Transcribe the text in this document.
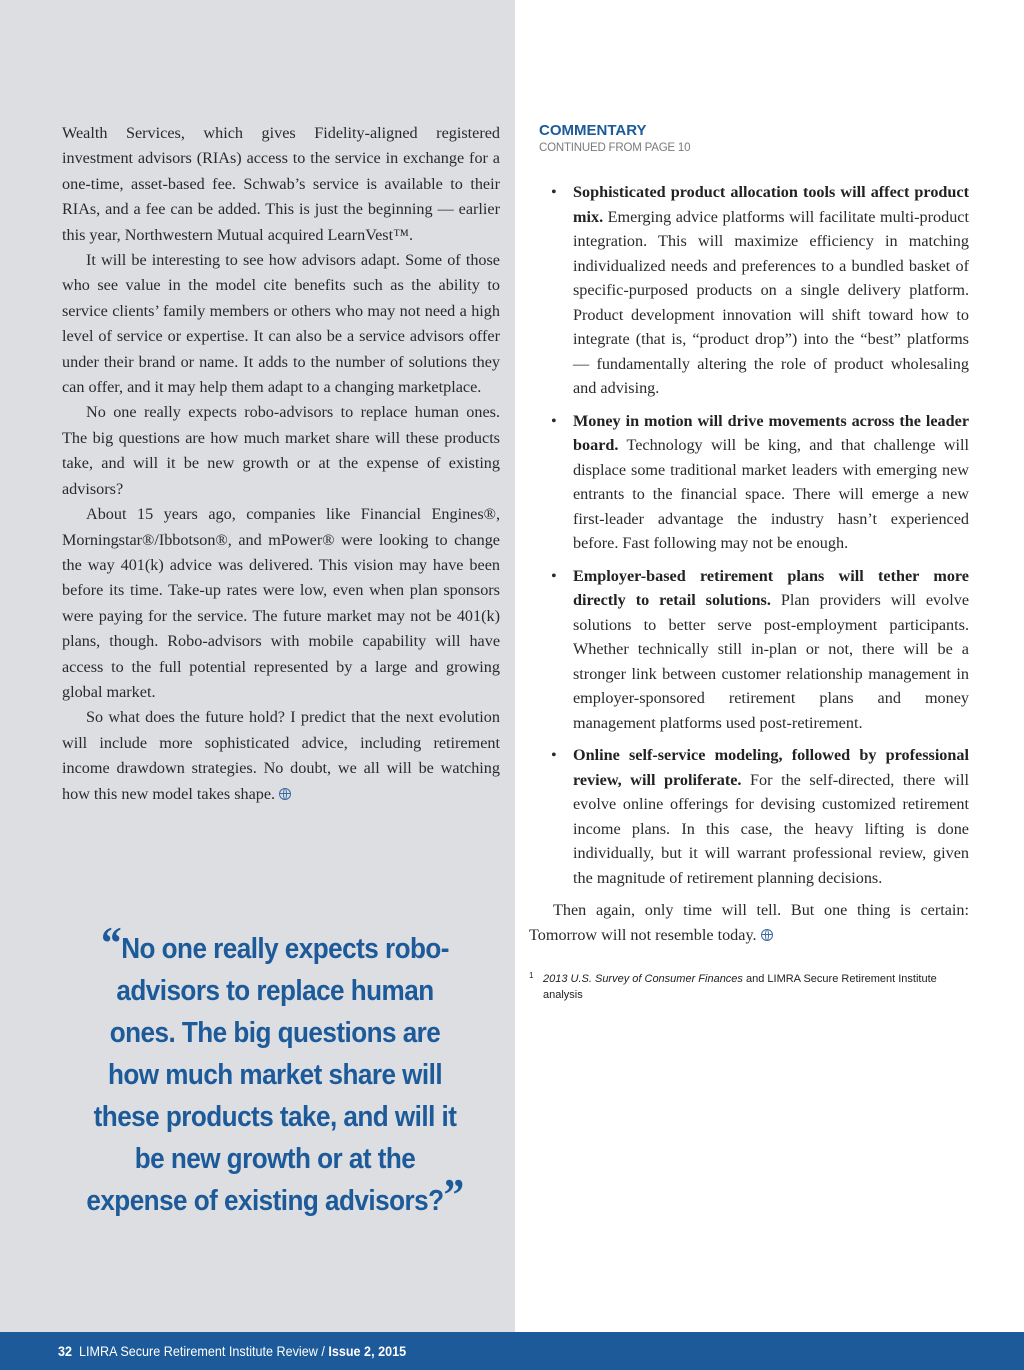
Wealth Services, which gives Fidelity-aligned registered investment advisors (RIAs) access to the service in exchange for a one-time, asset-based fee. Schwab’s service is available to their RIAs, and a fee can be added. This is just the beginning — earlier this year, Northwestern Mutual acquired LearnVest™.

It will be interesting to see how advisors adapt. Some of those who see value in the model cite benefits such as the ability to service clients’ family members or others who may not need a high level of service or expertise. It can also be a service advisors offer under their brand or name. It adds to the number of solutions they can offer, and it may help them adapt to a changing marketplace.

No one really expects robo-advisors to replace human ones. The big questions are how much market share will these products take, and will it be new growth or at the expense of existing advisors?

About 15 years ago, companies like Financial Engines®, Morningstar®/Ibbotson®, and mPower® were looking to change the way 401(k) advice was delivered. This vision may have been before its time. Take-up rates were low, even when plan sponsors were paying for the service. The future market may not be 401(k) plans, though. Robo-advisors with mobile capability will have access to the full potential represented by a large and growing global market.

So what does the future hold? I predict that the next evolution will include more sophisticated advice, including retirement income drawdown strategies. No doubt, we all will be watching how this new model takes shape.

“No one really expects robo-advisors to replace human ones. The big questions are how much market share will these products take, and will it be new growth or at the expense of existing advisors?”
COMMENTARY
CONTINUED FROM PAGE 10
• Sophisticated product allocation tools will affect product mix. Emerging advice platforms will facilitate multi-product integration. This will maximize efficiency in matching individualized needs and preferences to a bundled basket of specific-purposed products on a single delivery platform. Product development innovation will shift toward how to integrate (that is, “product drop”) into the “best” platforms — fundamentally altering the role of product wholesaling and advising.
• Money in motion will drive movements across the leader board. Technology will be king, and that challenge will displace some traditional market leaders with emerging new entrants to the financial space. There will emerge a new first-leader advantage the industry hasn’t experienced before. Fast following may not be enough.
• Employer-based retirement plans will tether more directly to retail solutions. Plan providers will evolve solutions to better serve post-employment participants. Whether technically still in-plan or not, there will be a stronger link between customer relationship management in employer-sponsored retirement plans and money management platforms used post-retirement.
• Online self-service modeling, followed by professional review, will proliferate. For the self-directed, there will evolve online offerings for devising customized retirement income plans. In this case, the heavy lifting is done individually, but it will warrant professional review, given the magnitude of retirement planning decisions.

Then again, only time will tell. But one thing is certain: Tomorrow will not resemble today.

1 2013 U.S. Survey of Consumer Finances and LIMRA Secure Retirement Institute analysis
32 LIMRA Secure Retirement Institute Review / Issue 2, 2015
